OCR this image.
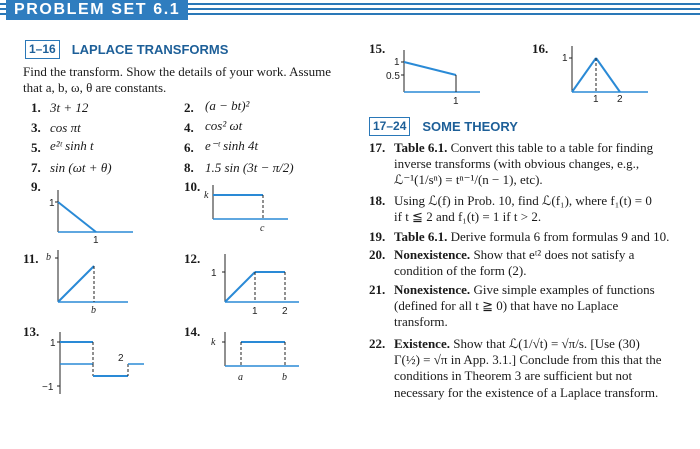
PROBLEM SET 6.1
1–16	LAPLACE TRANSFORMS
Find the transform. Show the details of your work. Assume
that a, b, ω, θ are constants.
1. 3t + 12	2. (a − bt)²
3. cos πt	4. cos² ωt
5. e²ᵗ sinh t	6. e⁻ᵗ sinh 4t
7. sin (ωt + θ)	8. 1.5 sin (3t − π/2)
9.	10.
11.	12.
13.	14.
15.	16.
1
1
k
c
b
b
1
1 2
1
−1
2
k
a	b
1
0.5
1
1
1 2
17–24	SOME THEORY
17. Table 6.1. Convert this table to a table for finding
inverse transforms (with obvious changes, e.g.,
ℒ⁻¹(1/sⁿ) = tⁿ⁻¹/(n − 1), etc).
18. Using ℒ(f) in Prob. 10, find ℒ(f₁), where f₁(t) = 0
if t ≦ 2 and f₁(t) = 1 if t > 2.
19. Table 6.1. Derive formula 6 from formulas 9 and 10.
20. Nonexistence. Show that eᵗ² does not satisfy a
condition of the form (2).
21. Nonexistence. Give simple examples of functions
(defined for all t ≧ 0) that have no Laplace
transform.
22. Existence. Show that ℒ(1/√t) = √π/s. [Use (30)
Γ(½) = √π in App. 3.1.] Conclude from this that the
conditions in Theorem 3 are sufficient but not
necessary for the existence of a Laplace transform.
